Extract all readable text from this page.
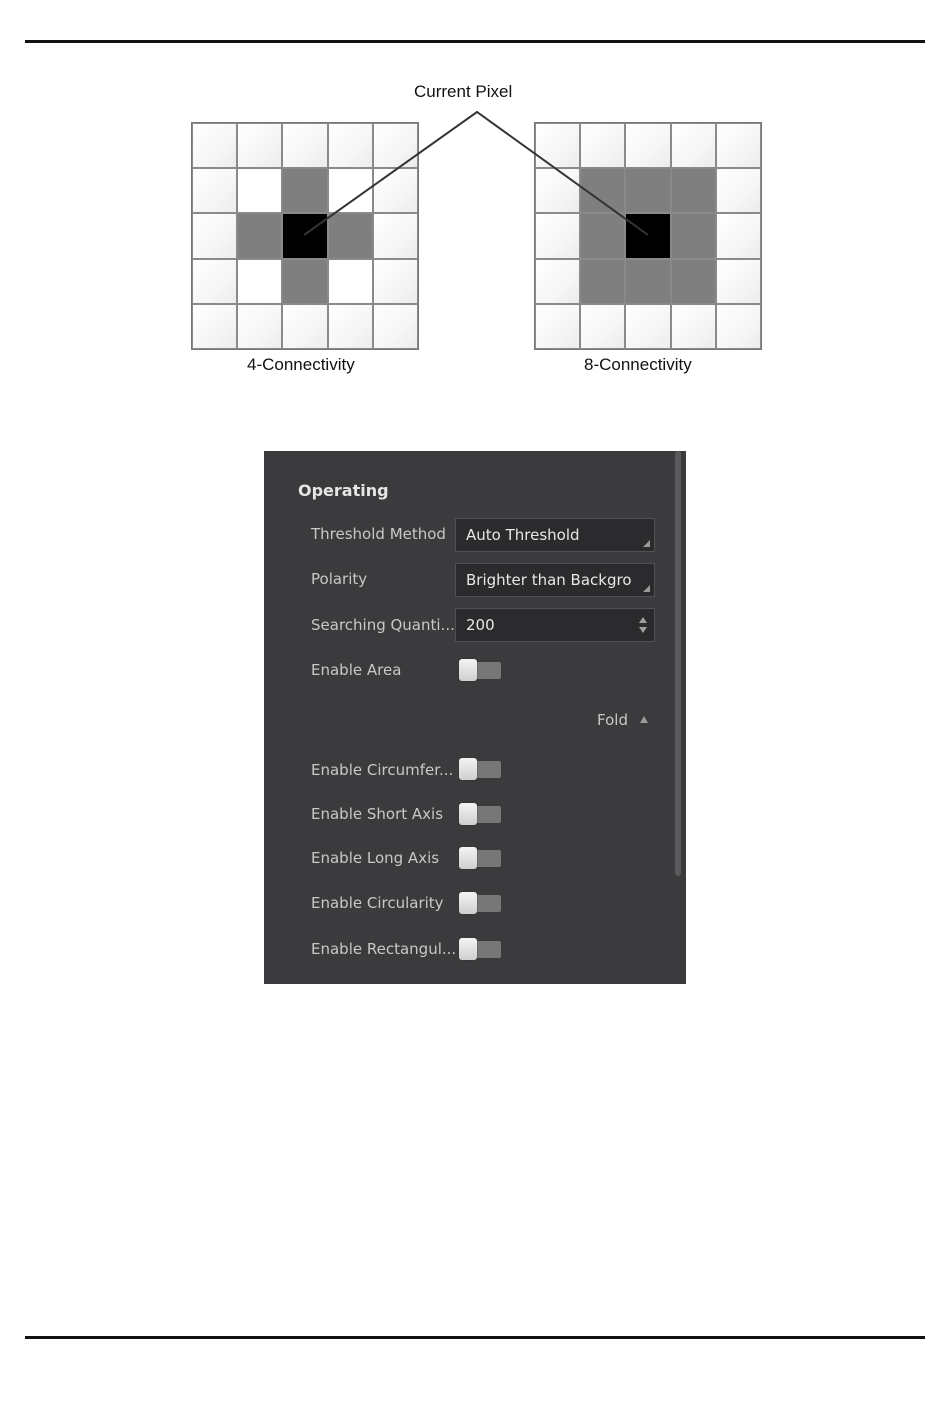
Current Pixel
4-Connectivity	8-Connectivity
Operating
Threshold Method	Auto Threshold
Polarity	Brighter than Backgro
Searching Quanti... 200
Enable Area
Fold
Enable Circumfer...
Enable Short Axis
Enable Long Axis
Enable Circularity
Enable Rectangul...
